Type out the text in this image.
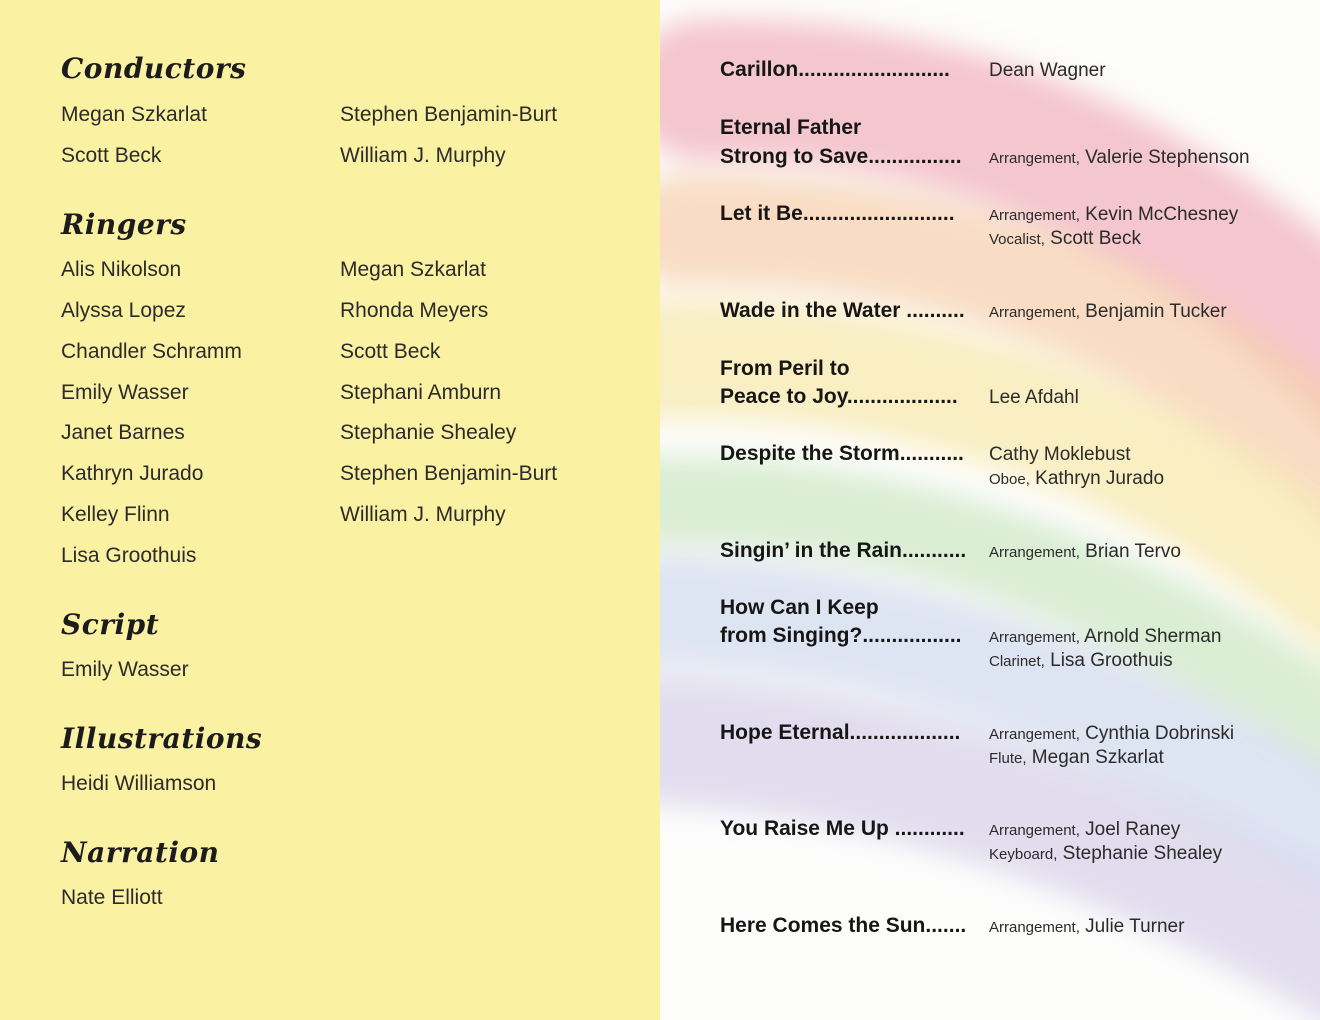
Conductors
Megan Szkarlat
Scott Beck
Stephen Benjamin-Burt
William J. Murphy
Ringers
Alis Nikolson
Alyssa Lopez
Chandler Schramm
Emily Wasser
Janet Barnes
Kathryn Jurado
Kelley Flinn
Lisa Groothuis
Megan Szkarlat
Rhonda Meyers
Scott Beck
Stephani Amburn
Stephanie Shealey
Stephen Benjamin-Burt
William J. Murphy
Script
Emily Wasser
Illustrations
Heidi Williamson
Narration
Nate Elliott
Carillon.......................... Dean Wagner
Eternal Father
Strong to Save................ Arrangement, Valerie Stephenson
Let it Be.......................... Arrangement, Kevin McChesney
Vocalist, Scott Beck
Wade in the Water .......... Arrangement, Benjamin Tucker
From Peril to
Peace to Joy................... Lee Afdahl
Despite the Storm........... Cathy Moklebust
Oboe, Kathryn Jurado
Singin’ in the Rain........... Arrangement, Brian Tervo
How Can I Keep
from Singing?................. Arrangement, Arnold Sherman
Clarinet, Lisa Groothuis
Hope Eternal................... Arrangement, Cynthia Dobrinski
Flute, Megan Szkarlat
You Raise Me Up ............ Arrangement, Joel Raney
Keyboard, Stephanie Shealey
Here Comes the Sun....... Arrangement, Julie Turner
